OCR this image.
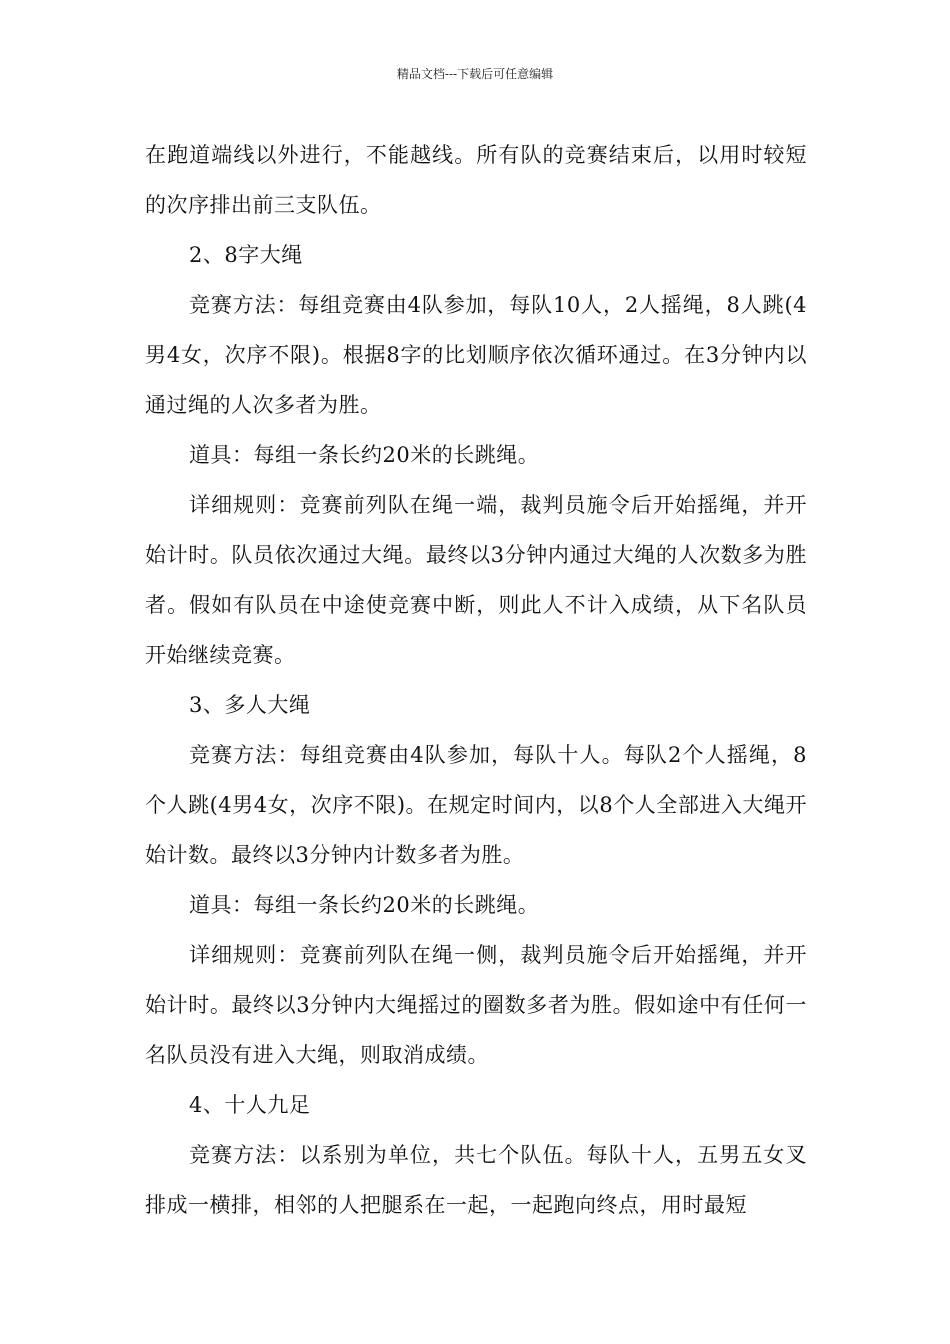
精品文档---下载后可任意编辑

在跑道端线以外进行，不能越线。所有队的竞赛结束后，以用时较短的次序排出前三支队伍。

2、8字大绳

竞赛方法：每组竞赛由4队参加，每队10人，2人摇绳，8人跳(4男4女，次序不限)。根据8字的比划顺序依次循环通过。在3分钟内以通过绳的人次多者为胜。

道具：每组一条长约20米的长跳绳。

详细规则：竞赛前列队在绳一端，裁判员施令后开始摇绳，并开始计时。队员依次通过大绳。最终以3分钟内通过大绳的人次数多为胜者。假如有队员在中途使竞赛中断，则此人不计入成绩，从下名队员开始继续竞赛。

3、多人大绳

竞赛方法：每组竞赛由4队参加，每队十人。每队2个人摇绳，8个人跳(4男4女，次序不限)。在规定时间内，以8个人全部进入大绳开始计数。最终以3分钟内计数多者为胜。

道具：每组一条长约20米的长跳绳。

详细规则：竞赛前列队在绳一侧，裁判员施令后开始摇绳，并开始计时。最终以3分钟内大绳摇过的圈数多者为胜。假如途中有任何一名队员没有进入大绳，则取消成绩。

4、十人九足

竞赛方法：以系别为单位，共七个队伍。每队十人，五男五女叉排成一横排，相邻的人把腿系在一起，一起跑向终点，用时最短
